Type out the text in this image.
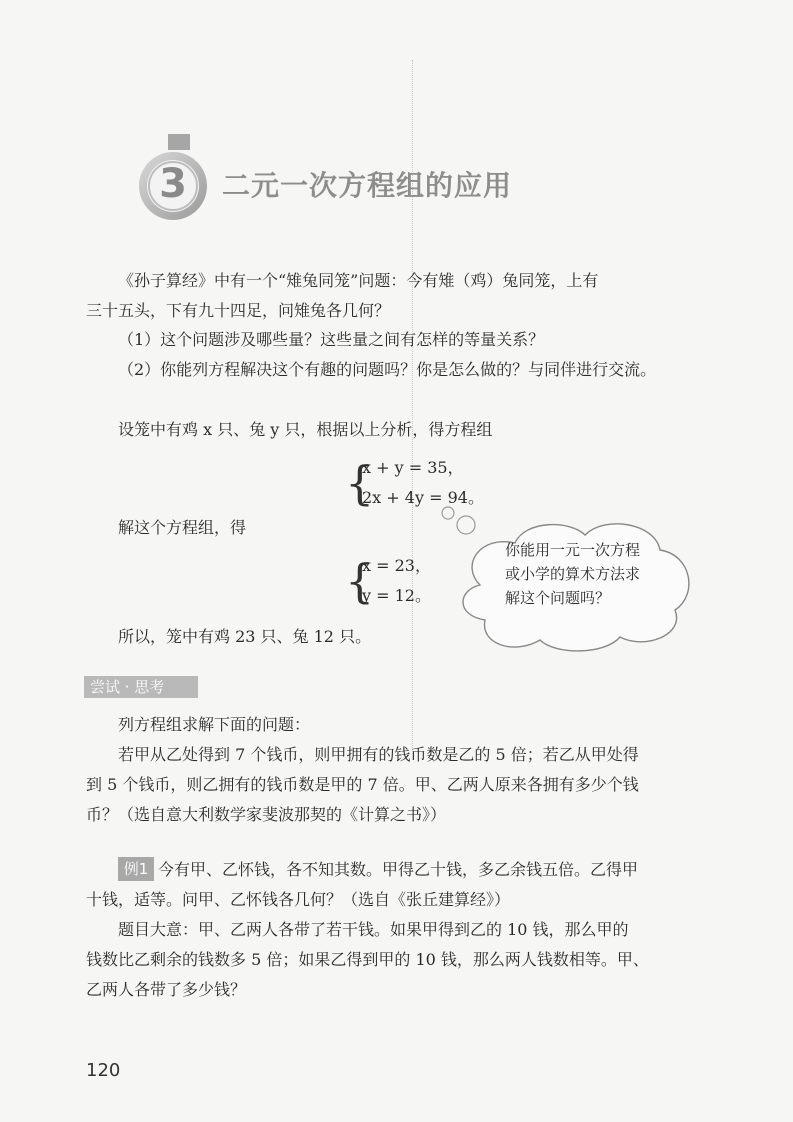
3	二元一次方程组的应用
《孙子算经》中有一个“雉兔同笼”问题：今有雉（鸡）兔同笼，上有
三十五头，下有九十四足，问雉兔各几何？
（1）这个问题涉及哪些量？这些量之间有怎样的等量关系？
（2）你能列方程解决这个有趣的问题吗？你是怎么做的？与同伴进行交流。
设笼中有鸡 x 只、兔 y 只，根据以上分析，得方程组
{
x + y = 35，
2x + 4y = 94。
解这个方程组，得
{
x = 23，
y = 12。
所以，笼中有鸡 23 只、兔 12 只。
你能用一元一次方程
或小学的算术方法求
解这个问题吗？
尝试 · 思考
列方程组求解下面的问题：
若甲从乙处得到 7 个钱币，则甲拥有的钱币数是乙的 5 倍；若乙从甲处得
到 5 个钱币，则乙拥有的钱币数是甲的 7 倍。甲、乙两人原来各拥有多少个钱
币？（选自意大利数学家斐波那契的《计算之书》）
例1 今有甲、乙怀钱，各不知其数。甲得乙十钱，多乙余钱五倍。乙得甲
十钱，适等。问甲、乙怀钱各几何？（选自《张丘建算经》）
题目大意：甲、乙两人各带了若干钱。如果甲得到乙的 10 钱，那么甲的
钱数比乙剩余的钱数多 5 倍；如果乙得到甲的 10 钱，那么两人钱数相等。甲、
乙两人各带了多少钱？
120
